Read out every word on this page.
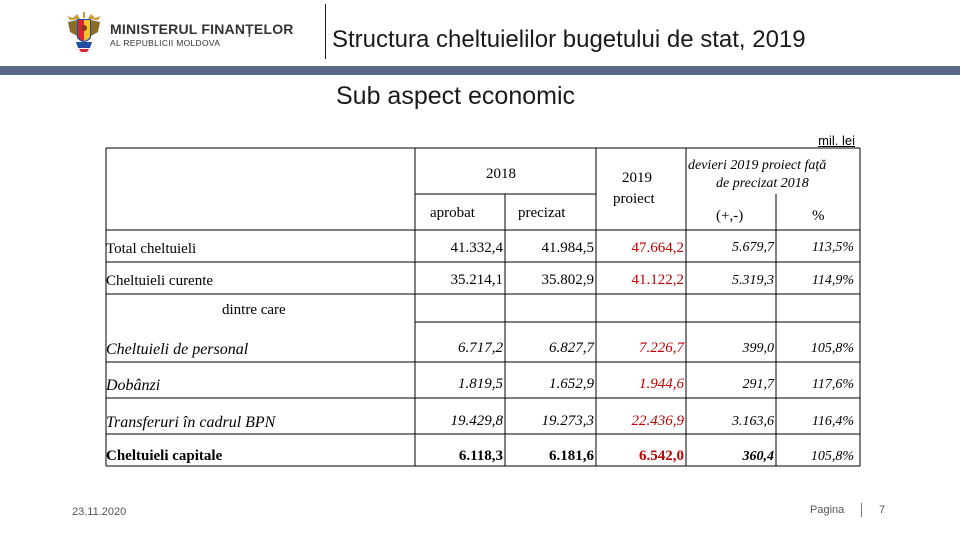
MINISTERUL FINANȚELOR
AL REPUBLICII MOLDOVA	Structura cheltuielilor bugetului de stat, 2019
Sub aspect economic
mil. lei
2018
aprobat	precizat
2019
proiect
devieri 2019 proiect față
de precizat 2018
(+,-)	%
Total cheltuieli	41.332,4	41.984,5	47.664,2	5.679,7	113,5%
Cheltuieli curente	35.214,1	35.802,9	41.122,2	5.319,3	114,9%
dintre care
Cheltuieli de personal	6.717,2	6.827,7	7.226,7	399,0	105,8%
Dobânzi	1.819,5	1.652,9	1.944,6	291,7	117,6%
Transferuri în cadrul BPN	19.429,8	19.273,3	22.436,9	3.163,6	116,4%
Cheltuieli capitale	6.118,3	6.181,6	6.542,0	360,4	105,8%
23.11.2020	Pagina	7
